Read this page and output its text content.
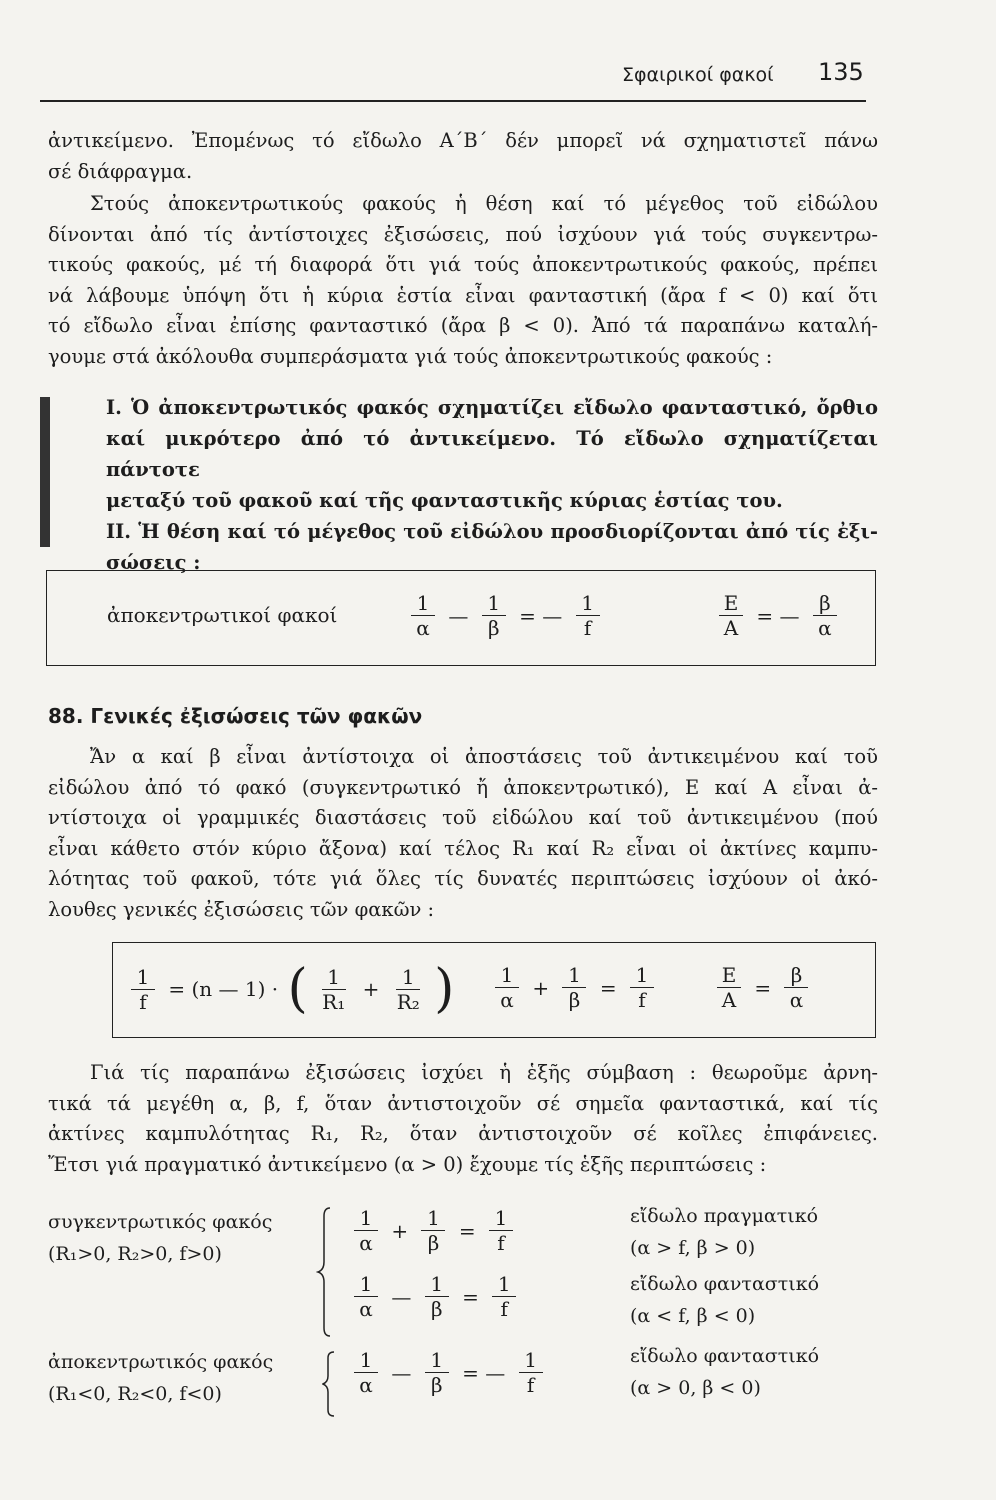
Σφαιρικοί φακοί 135
ἀντικείμενο. Ἐπομένως τό εἴδωλο Α΄Β΄ δέν μπορεῖ νά σχηματιστεῖ πάνω
σέ διάφραγμα.
Στούς ἀποκεντρωτικούς φακούς ἡ θέση καί τό μέγεθος τοῦ εἰδώλου
δίνονται ἀπό τίς ἀντίστοιχες ἐξισώσεις, πού ἰσχύουν γιά τούς συγκεντρω-
τικούς φακούς, μέ τή διαφορά ὅτι γιά τούς ἀποκεντρωτικούς φακούς, πρέπει
νά λάβουμε ὑπόψη ὅτι ἡ κύρια ἑστία εἶναι φανταστική (ἄρα f < 0) καί ὅτι
τό εἴδωλο εἶναι ἐπίσης φανταστικό (ἄρα β < 0). Ἀπό τά παραπάνω καταλή-
γουμε στά ἀκόλουθα συμπεράσματα γιά τούς ἀποκεντρωτικούς φακούς :
I. Ὁ ἀποκεντρωτικός φακός σχηματίζει εἴδωλο φανταστικό, ὄρθιο
καί μικρότερο ἀπό τό ἀντικείμενο. Τό εἴδωλο σχηματίζεται πάντοτε
μεταξύ τοῦ φακοῦ καί τῆς φανταστικῆς κύριας ἑστίας του.
II. Ἡ θέση καί τό μέγεθος τοῦ εἰδώλου προσδιορίζονται ἀπό τίς ἐξι-
σώσεις :
ἀποκεντρωτικοί φακοί	$\frac{1}{\alpha}$ — $\frac{1}{\beta}$ = — $\frac{1}{f}$	$\frac{E}{A}$ = — $\frac{\beta}{\alpha}$
88. Γενικές ἐξισώσεις τῶν φακῶν
Ἄν α καί β εἶναι ἀντίστοιχα οἱ ἀποστάσεις τοῦ ἀντικειμένου καί τοῦ
εἰδώλου ἀπό τό φακό (συγκεντρωτικό ἤ ἀποκεντρωτικό), Ε καί Α εἶναι ἀ-
ντίστοιχα οἱ γραμμικές διαστάσεις τοῦ εἰδώλου καί τοῦ ἀντικειμένου (πού
εἶναι κάθετο στόν κύριο ἄξονα) καί τέλος R₁ καί R₂ εἶναι οἱ ἀκτίνες καμπυ-
λότητας τοῦ φακοῦ, τότε γιά ὅλες τίς δυνατές περιπτώσεις ἰσχύουν οἱ ἀκό-
λουθες γενικές ἐξισώσεις τῶν φακῶν :
$\frac{1}{f} = (n$ — 1) · ( $\frac{1}{\text{R₁}} + \frac{1}{\text{R₂}}$ ) $\frac{1}{\alpha} + \frac{1}{\beta} = \frac{1}{f}$	$\frac{E}{A} = \frac{\beta}{\alpha}$
Γιά τίς παραπάνω ἐξισώσεις ἰσχύει ἡ ἑξῆς σύμβαση : θεωροῦμε ἀρνη-
τικά τά μεγέθη α, β, f, ὅταν ἀντιστοιχοῦν σέ σημεῖα φανταστικά, καί τίς
ἀκτίνες καμπυλότητας R₁, R₂, ὅταν ἀντιστοιχοῦν σέ κοῖλες ἐπιφάνειες.
Ἔτσι γιά πραγματικό ἀντικείμενο (α > 0) ἔχουμε τίς ἑξῆς περιπτώσεις :
συγκεντρωτικός φακός
(R₁>0, R₂>0, f>0)	$\frac{1}{\alpha} + \frac{1}{\beta} = \frac{1}{f}$	εἴδωλο πραγματικό
(α > f, β > 0)
$\frac{1}{\alpha}$ — $\frac{1}{\beta} = \frac{1}{f}$	εἴδωλο φανταστικό
(α < f, β < 0)
ἀποκεντρωτικός φακός
(R₁<0, R₂<0, f<0)	$\frac{1}{\alpha}$ — $\frac{1}{\beta}$ = — $\frac{1}{f}$	εἴδωλο φανταστικό
(α > 0, β < 0)
